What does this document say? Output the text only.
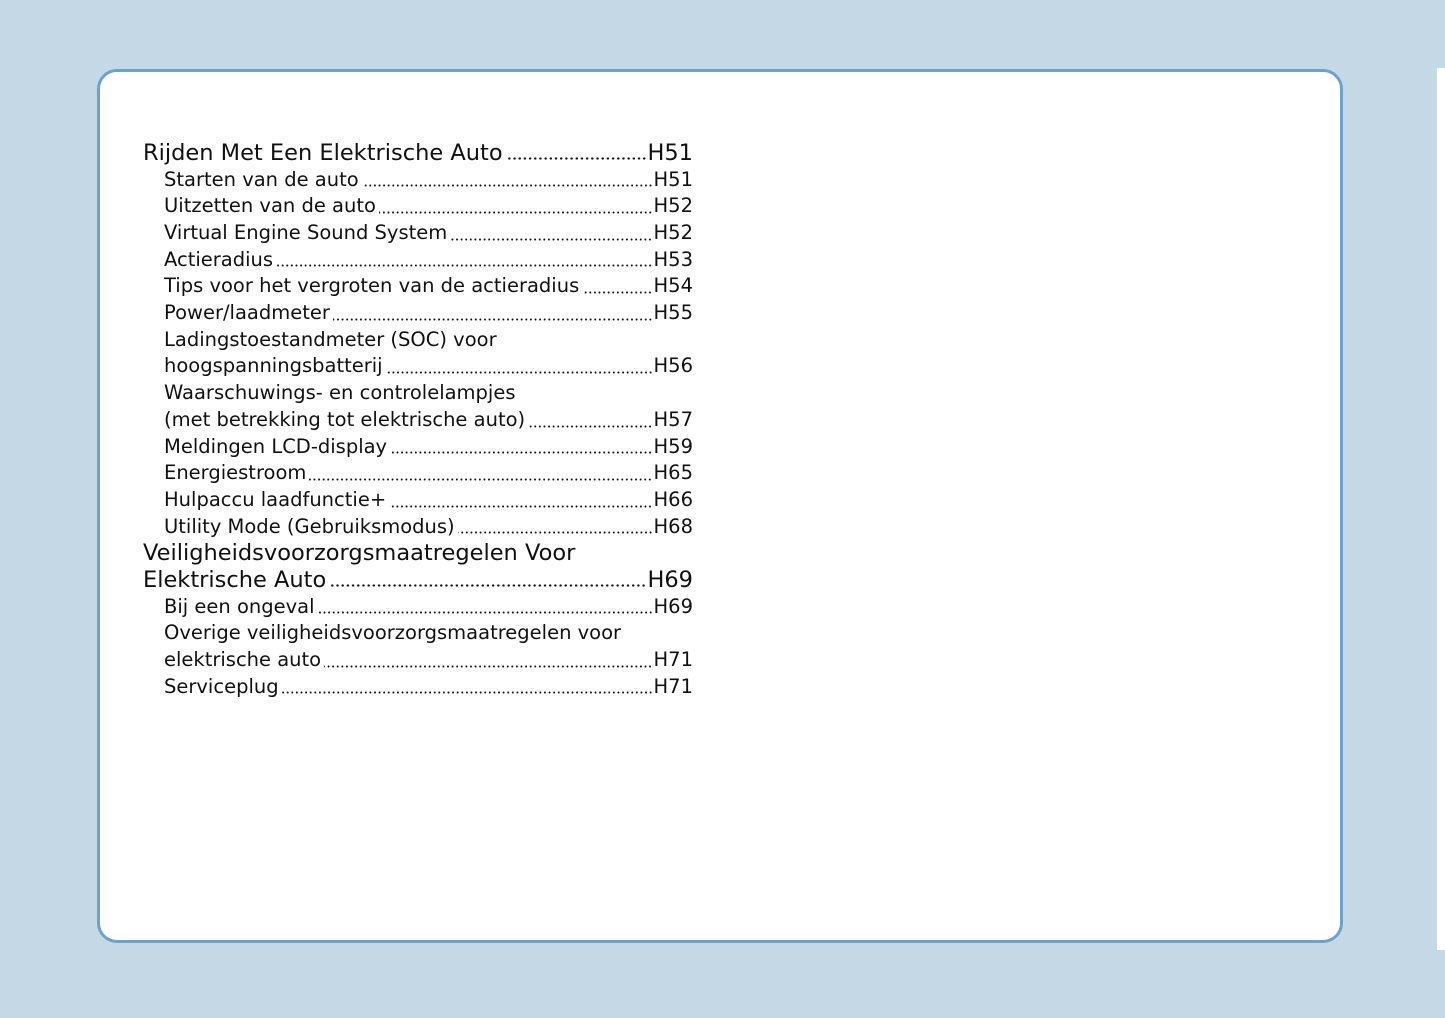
Rijden Met Een Elektrische Auto	H51
Starten van de auto	H51
Uitzetten van de auto	H52
Virtual Engine Sound System	H52
Actieradius	H53
Tips voor het vergroten van de actieradius	H54
Power/laadmeter	H55
Ladingstoestandmeter (SOC) voor
hoogspanningsbatterij	H56
Waarschuwings- en controlelampjes
(met betrekking tot elektrische auto)	H57
Meldingen LCD-display	H59
Energiestroom	H65
Hulpaccu laadfunctie+	H66
Utility Mode (Gebruiksmodus)	H68
Veiligheidsvoorzorgsmaatregelen Voor
Elektrische Auto	H69
Bij een ongeval	H69
Overige veiligheidsvoorzorgsmaatregelen voor
elektrische auto	H71
Serviceplug	H71
